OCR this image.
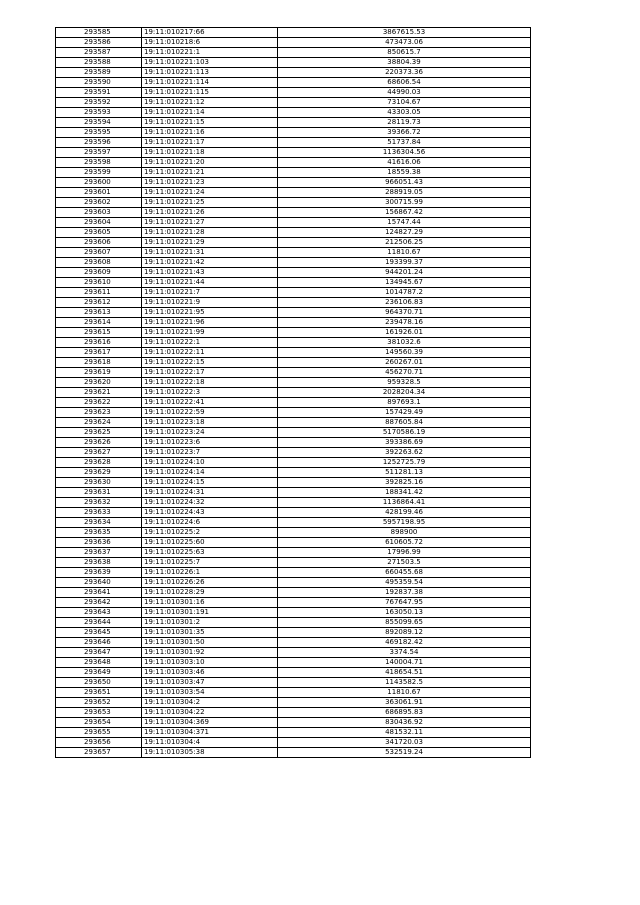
293585	19:11:010217:66	3867615.53
293586	19:11:010218:6	473473.06
293587	19:11:010221:1	850615.7
293588	19:11:010221:103	38804.39
293589	19:11:010221:113	220373.36
293590	19:11:010221:114	68606.54
293591	19:11:010221:115	44990.03
293592	19:11:010221:12	73104.67
293593	19:11:010221:14	43303.05
293594	19:11:010221:15	28119.73
293595	19:11:010221:16	39366.72
293596	19:11:010221:17	51737.84
293597	19:11:010221:18	1136304.56
293598	19:11:010221:20	41616.06
293599	19:11:010221:21	18559.38
293600	19:11:010221:23	966051.43
293601	19:11:010221:24	288919.05
293602	19:11:010221:25	300715.99
293603	19:11:010221:26	156867.42
293604	19:11:010221:27	15747.44
293605	19:11:010221:28	124827.29
293606	19:11:010221:29	212506.25
293607	19:11:010221:31	11810.67
293608	19:11:010221:42	193399.37
293609	19:11:010221:43	944201.24
293610	19:11:010221:44	134945.67
293611	19:11:010221:7	1014787.2
293612	19:11:010221:9	236106.83
293613	19:11:010221:95	964370.71
293614	19:11:010221:96	239478.16
293615	19:11:010221:99	161926.01
293616	19:11:010222:1	381032.6
293617	19:11:010222:11	149560.39
293618	19:11:010222:15	260267.01
293619	19:11:010222:17	456270.71
293620	19:11:010222:18	959328.5
293621	19:11:010222:3	2028204.34
293622	19:11:010222:41	897693.1
293623	19:11:010222:59	157429.49
293624	19:11:010223:18	887605.84
293625	19:11:010223:24	5170586.19
293626	19:11:010223:6	393386.69
293627	19:11:010223:7	392263.62
293628	19:11:010224:10	1252725.79
293629	19:11:010224:14	511281.13
293630	19:11:010224:15	392825.16
293631	19:11:010224:31	188341.42
293632	19:11:010224:32	1136864.41
293633	19:11:010224:43	428199.46
293634	19:11:010224:6	5957198.95
293635	19:11:010225:2	898900
293636	19:11:010225:60	610605.72
293637	19:11:010225:63	17996.99
293638	19:11:010225:7	271503.5
293639	19:11:010226:1	660455.68
293640	19:11:010226:26	495359.54
293641	19:11:010228:29	192837.38
293642	19:11:010301:16	767647.95
293643	19:11:010301:191	163050.13
293644	19:11:010301:2	855099.65
293645	19:11:010301:35	892089.12
293646	19:11:010301:50	469182.42
293647	19:11:010301:92	3374.54
293648	19:11:010303:10	140004.71
293649	19:11:010303:46	418654.51
293650	19:11:010303:47	1143582.5
293651	19:11:010303:54	11810.67
293652	19:11:010304:2	363061.91
293653	19:11:010304:22	686895.83
293654	19:11:010304:369	830436.92
293655	19:11:010304:371	481532.11
293656	19:11:010304:4	341720.03
293657	19:11:010305:38	532519.24
